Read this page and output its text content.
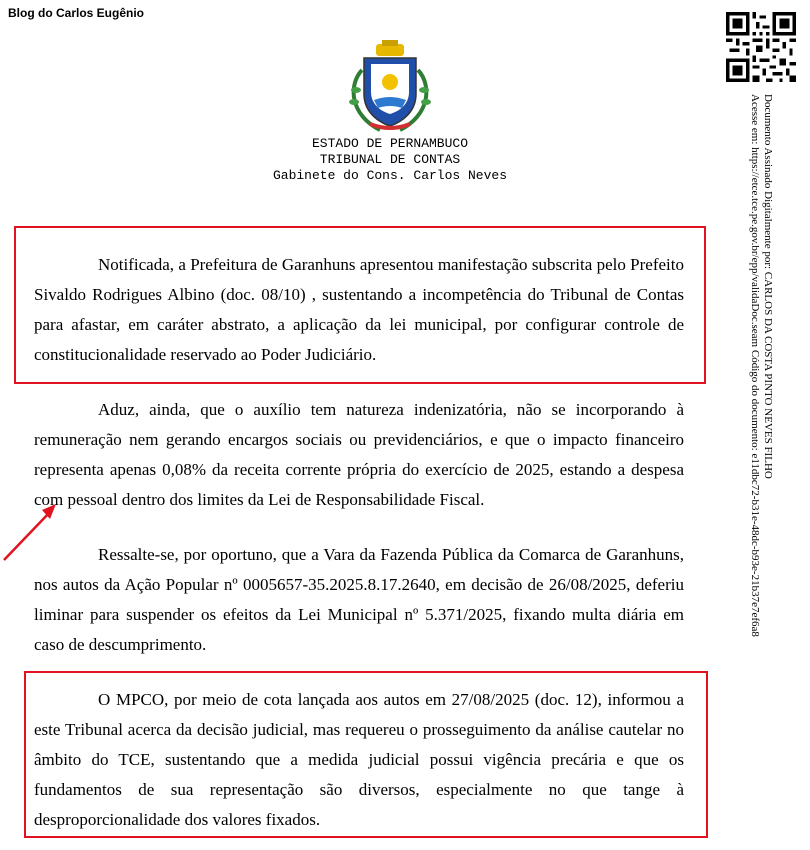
Blog do Carlos Eugênio
ESTADO DE PERNAMBUCO
TRIBUNAL DE CONTAS
Gabinete do Cons. Carlos Neves	Documento Assinado Digitalmente por: CARLOS DA COSTA PINTO NEVES FILHO
Acesse em: https://etce.tce.pe.gov.br/epp/validaDoc.seam Código do documento: e11dbc72-b31e-48dc-b93e-21b37e7ef6a8

Notificada, a Prefeitura de Garanhuns apresentou manifestação subscrita pelo Prefeito Sivaldo Rodrigues Albino (doc. 08/10) , sustentando a incompetência do Tribunal de Contas para afastar, em caráter abstrato, a aplicação da lei municipal, por configurar controle de constitucionalidade reservado ao Poder Judiciário.

Aduz, ainda, que o auxílio tem natureza indenizatória, não se incorporando à remuneração nem gerando encargos sociais ou previdenciários, e que o impacto financeiro representa apenas 0,08% da receita corrente própria do exercício de 2025, estando a despesa com pessoal dentro dos limites da Lei de Responsabilidade Fiscal.

Ressalte-se, por oportuno, que a Vara da Fazenda Pública da Comarca de Garanhuns, nos autos da Ação Popular nº 0005657-35.2025.8.17.2640, em decisão de 26/08/2025, deferiu liminar para suspender os efeitos da Lei Municipal nº 5.371/2025, fixando multa diária em caso de descumprimento.

O MPCO, por meio de cota lançada aos autos em 27/08/2025 (doc. 12), informou a este Tribunal acerca da decisão judicial, mas requereu o prosseguimento da análise cautelar no âmbito do TCE, sustentando que a medida judicial possui vigência precária e que os fundamentos de sua representação são diversos, especialmente no que tange à desproporcionalidade dos valores fixados.
